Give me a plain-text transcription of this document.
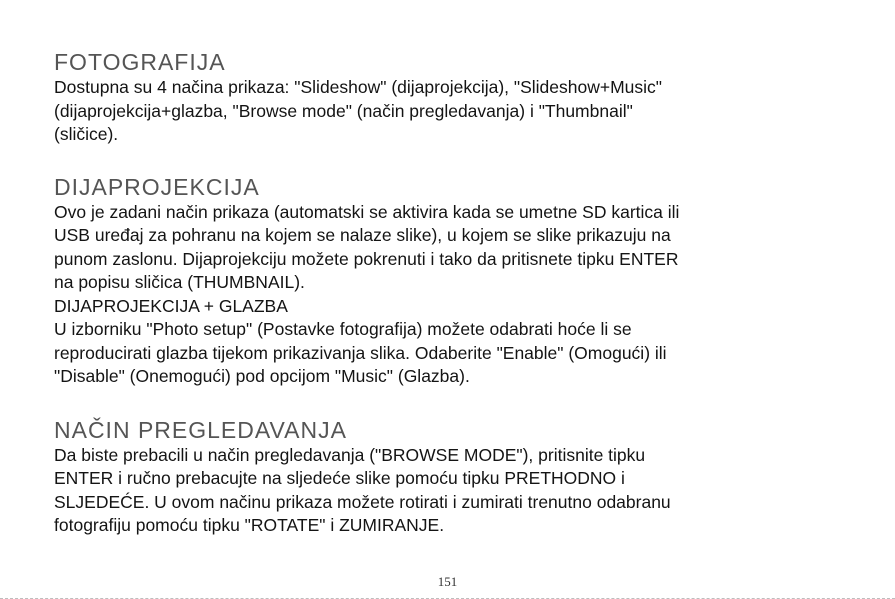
FOTOGRAFIJA

Dostupna su 4 načina prikaza: "Slideshow" (dijaprojekcija), "Slideshow+Music"
(dijaprojekcija+glazba, "Browse mode" (način pregledavanja) i "Thumbnail"
(sličice).

DIJAPROJEKCIJA

Ovo je zadani način prikaza (automatski se aktivira kada se umetne SD kartica ili
USB uređaj za pohranu na kojem se nalaze slike), u kojem se slike prikazuju na
punom zaslonu. Dijaprojekciju možete pokrenuti i tako da pritisnete tipku ENTER
na popisu sličica (THUMBNAIL).
DIJAPROJEKCIJA + GLAZBA
U izborniku "Photo setup" (Postavke fotografija) možete odabrati hoće li se
reproducirati glazba tijekom prikazivanja slika. Odaberite "Enable" (Omogući) ili
"Disable" (Onemogući) pod opcijom "Music" (Glazba).

NAČIN PREGLEDAVANJA

Da biste prebacili u način pregledavanja ("BROWSE MODE"), pritisnite tipku
ENTER i ručno prebacujte na sljedeće slike pomoću tipku PRETHODNO i
SLJEDEĆE. U ovom načinu prikaza možete rotirati i zumirati trenutno odabranu
fotografiju pomoću tipku "ROTATE" i ZUMIRANJE.

151
